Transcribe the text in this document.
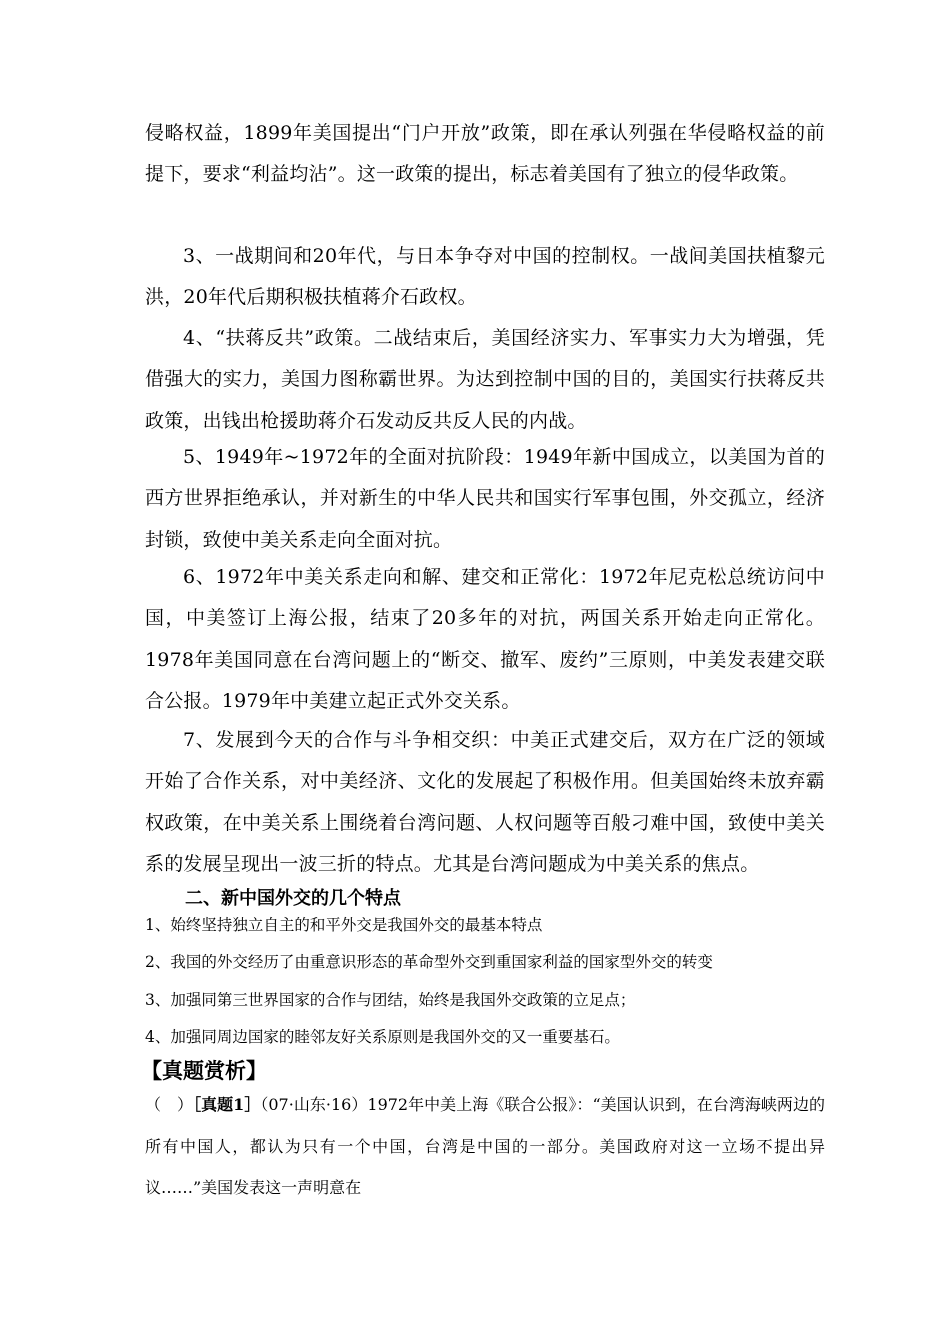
侵略权益，1899年美国提出“门户开放”政策，即在承认列强在华侵略权益的前提下，要求“利益均沾”。这一政策的提出，标志着美国有了独立的侵华政策。
3、一战期间和20年代，与日本争夺对中国的控制权。一战间美国扶植黎元洪，20年代后期积极扶植蒋介石政权。
4、“扶蒋反共”政策。二战结束后，美国经济实力、军事实力大为增强，凭借强大的实力，美国力图称霸世界。为达到控制中国的目的，美国实行扶蒋反共政策，出钱出枪援助蒋介石发动反共反人民的内战。
5、1949年~1972年的全面对抗阶段：1949年新中国成立，以美国为首的西方世界拒绝承认，并对新生的中华人民共和国实行军事包围，外交孤立，经济封锁，致使中美关系走向全面对抗。
6、1972年中美关系走向和解、建交和正常化：1972年尼克松总统访问中国，中美签订上海公报，结束了20多年的对抗，两国关系开始走向正常化。1978年美国同意在台湾问题上的“断交、撤军、废约”三原则，中美发表建交联合公报。1979年中美建立起正式外交关系。
7、发展到今天的合作与斗争相交织：中美正式建交后，双方在广泛的领域开始了合作关系，对中美经济、文化的发展起了积极作用。但美国始终未放弃霸权政策，在中美关系上围绕着台湾问题、人权问题等百般刁难中国，致使中美关系的发展呈现出一波三折的特点。尤其是台湾问题成为中美关系的焦点。
二、新中国外交的几个特点
1、始终坚持独立自主的和平外交是我国外交的最基本特点
2、我国的外交经历了由重意识形态的革命型外交到重国家利益的国家型外交的转变
3、加强同第三世界国家的合作与团结，始终是我国外交政策的立足点；
4、加强同周边国家的睦邻友好关系原则是我国外交的又一重要基石。
【真题赏析】
（　）［真题1］（07·山东·16）1972年中美上海《联合公报》：“美国认识到，在台湾海峡两边的所有中国人，都认为只有一个中国，台湾是中国的一部分。美国政府对这一立场不提出异议……”美国发表这一声明意在
